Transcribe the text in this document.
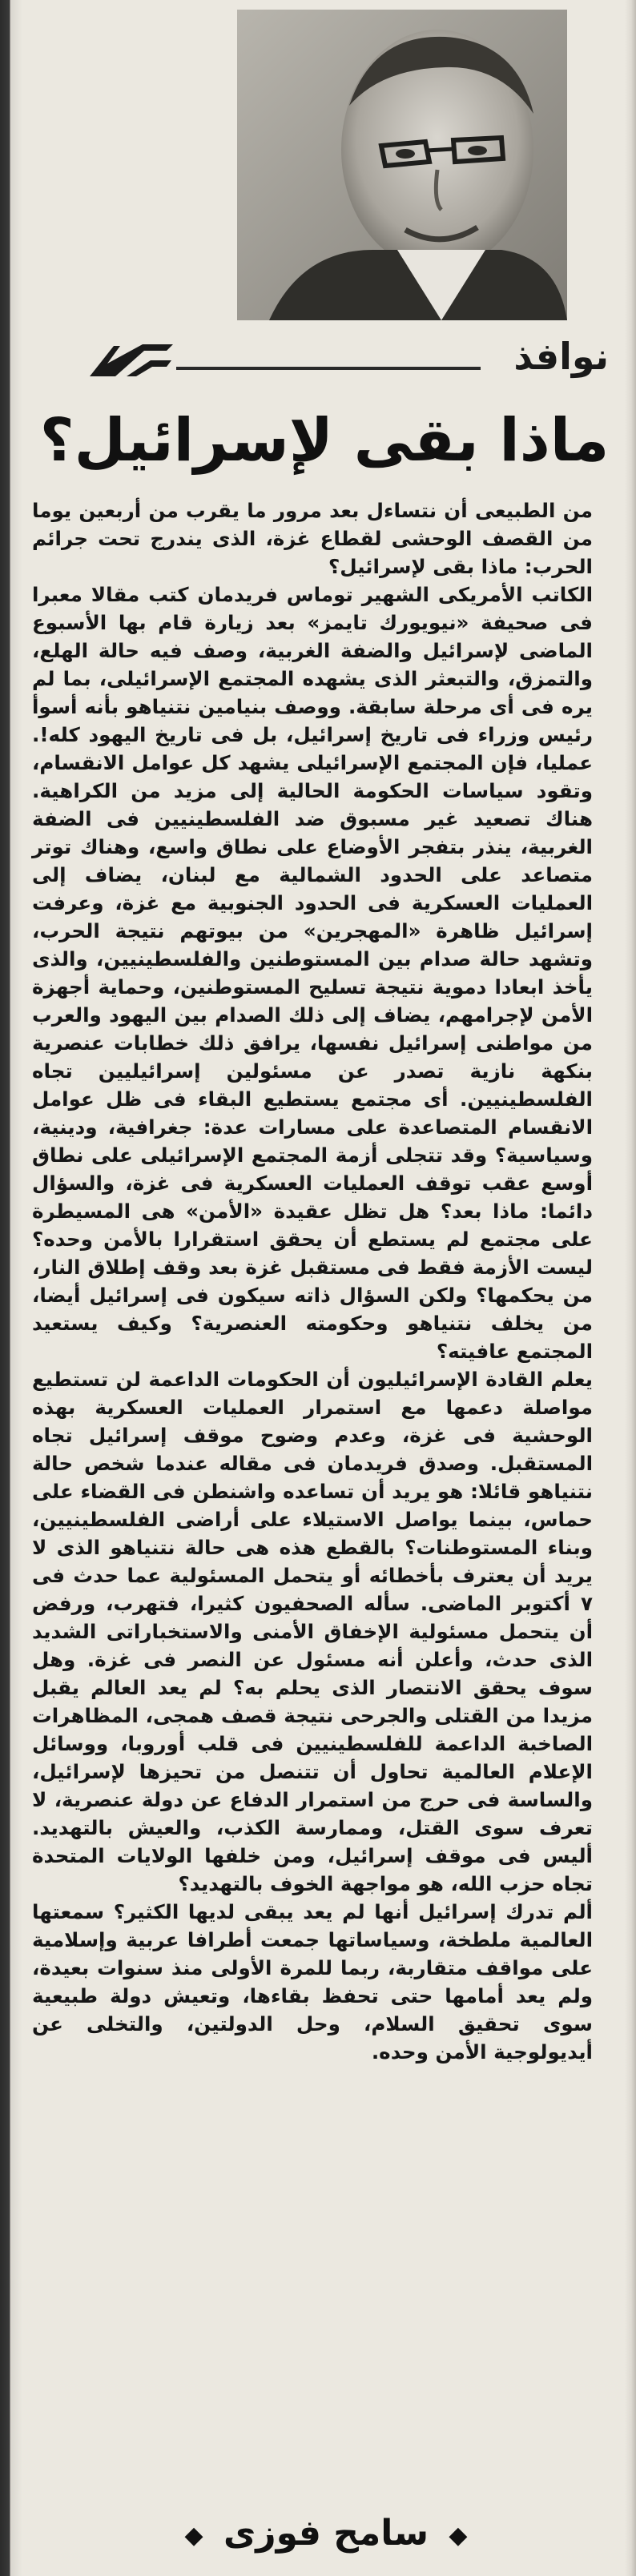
نوافذ
ماذا بقى لإسرائيل؟

من الطبيعى أن نتساءل بعد مرور ما يقرب من أربعين يوما من القصف الوحشى لقطاع غزة، الذى يندرج تحت جرائم الحرب: ماذا بقى لإسرائيل؟

الكاتب الأمريكى الشهير توماس فريدمان كتب مقالا معبرا فى صحيفة «نيويورك تايمز» بعد زيارة قام بها الأسبوع الماضى لإسرائيل والضفة الغربية، وصف فيه حالة الهلع، والتمزق، والتبعثر الذى يشهده المجتمع الإسرائيلى، بما لم يره فى أى مرحلة سابقة. ووصف بنيامين نتنياهو بأنه أسوأ رئيس وزراء فى تاريخ إسرائيل، بل فى تاريخ اليهود كله!. عمليا، فإن المجتمع الإسرائيلى يشهد كل عوامل الانقسام، وتقود سياسات الحكومة الحالية إلى مزيد من الكراهية. هناك تصعيد غير مسبوق ضد الفلسطينيين فى الضفة الغربية، ينذر بتفجر الأوضاع على نطاق واسع، وهناك توتر متصاعد على الحدود الشمالية مع لبنان، يضاف إلى العمليات العسكرية فى الحدود الجنوبية مع غزة، وعرفت إسرائيل ظاهرة «المهجرين» من بيوتهم نتيجة الحرب، وتشهد حالة صدام بين المستوطنين والفلسطينيين، والذى يأخذ ابعادا دموية نتيجة تسليح المستوطنين، وحماية أجهزة الأمن لإجرامهم، يضاف إلى ذلك الصدام بين اليهود والعرب من مواطنى إسرائيل نفسها، يرافق ذلك خطابات عنصرية بنكهة نازية تصدر عن مسئولين إسرائيليين تجاه الفلسطينيين. أى مجتمع يستطيع البقاء فى ظل عوامل الانقسام المتصاعدة على مسارات عدة: جغرافية، ودينية، وسياسية؟ وقد تتجلى أزمة المجتمع الإسرائيلى على نطاق أوسع عقب توقف العمليات العسكرية فى غزة، والسؤال دائما: ماذا بعد؟ هل تظل عقيدة «الأمن» هى المسيطرة على مجتمع لم يستطع أن يحقق استقرارا بالأمن وحده؟ ليست الأزمة فقط فى مستقبل غزة بعد وقف إطلاق النار، من يحكمها؟ ولكن السؤال ذاته سيكون فى إسرائيل أيضا، من يخلف نتنياهو وحكومته العنصرية؟ وكيف يستعيد المجتمع عافيته؟

يعلم القادة الإسرائيليون أن الحكومات الداعمة لن تستطيع مواصلة دعمها مع استمرار العمليات العسكرية بهذه الوحشية فى غزة، وعدم وضوح موقف إسرائيل تجاه المستقبل. وصدق فريدمان فى مقاله عندما شخص حالة نتنياهو قائلا: هو يريد أن تساعده واشنطن فى القضاء على حماس، بينما يواصل الاستيلاء على أراضى الفلسطينيين، وبناء المستوطنات؟ بالقطع هذه هى حالة نتنياهو الذى لا يريد أن يعترف بأخطائه أو يتحمل المسئولية عما حدث فى ٧ أكتوبر الماضى. سأله الصحفيون كثيرا، فتهرب، ورفض أن يتحمل مسئولية الإخفاق الأمنى والاستخباراتى الشديد الذى حدث، وأعلن أنه مسئول عن النصر فى غزة. وهل سوف يحقق الانتصار الذى يحلم به؟ لم يعد العالم يقبل مزيدا من القتلى والجرحى نتيجة قصف همجى، المظاهرات الصاخبة الداعمة للفلسطينيين فى قلب أوروبا، ووسائل الإعلام العالمية تحاول أن تتنصل من تحيزها لإسرائيل، والساسة فى حرج من استمرار الدفاع عن دولة عنصرية، لا تعرف سوى القتل، وممارسة الكذب، والعيش بالتهديد. أليس فى موقف إسرائيل، ومن خلفها الولايات المتحدة تجاه حزب الله، هو مواجهة الخوف بالتهديد؟

ألم تدرك إسرائيل أنها لم يعد يبقى لديها الكثير؟ سمعتها العالمية ملطخة، وسياساتها جمعت أطرافا عربية وإسلامية على مواقف متقاربة، ربما للمرة الأولى منذ سنوات بعيدة، ولم يعد أمامها حتى تحفظ بقاءها، وتعيش دولة طبيعية سوى تحقيق السلام، وحل الدولتين، والتخلى عن أيديولوجية الأمن وحده.

◆ سامح فوزى ◆
